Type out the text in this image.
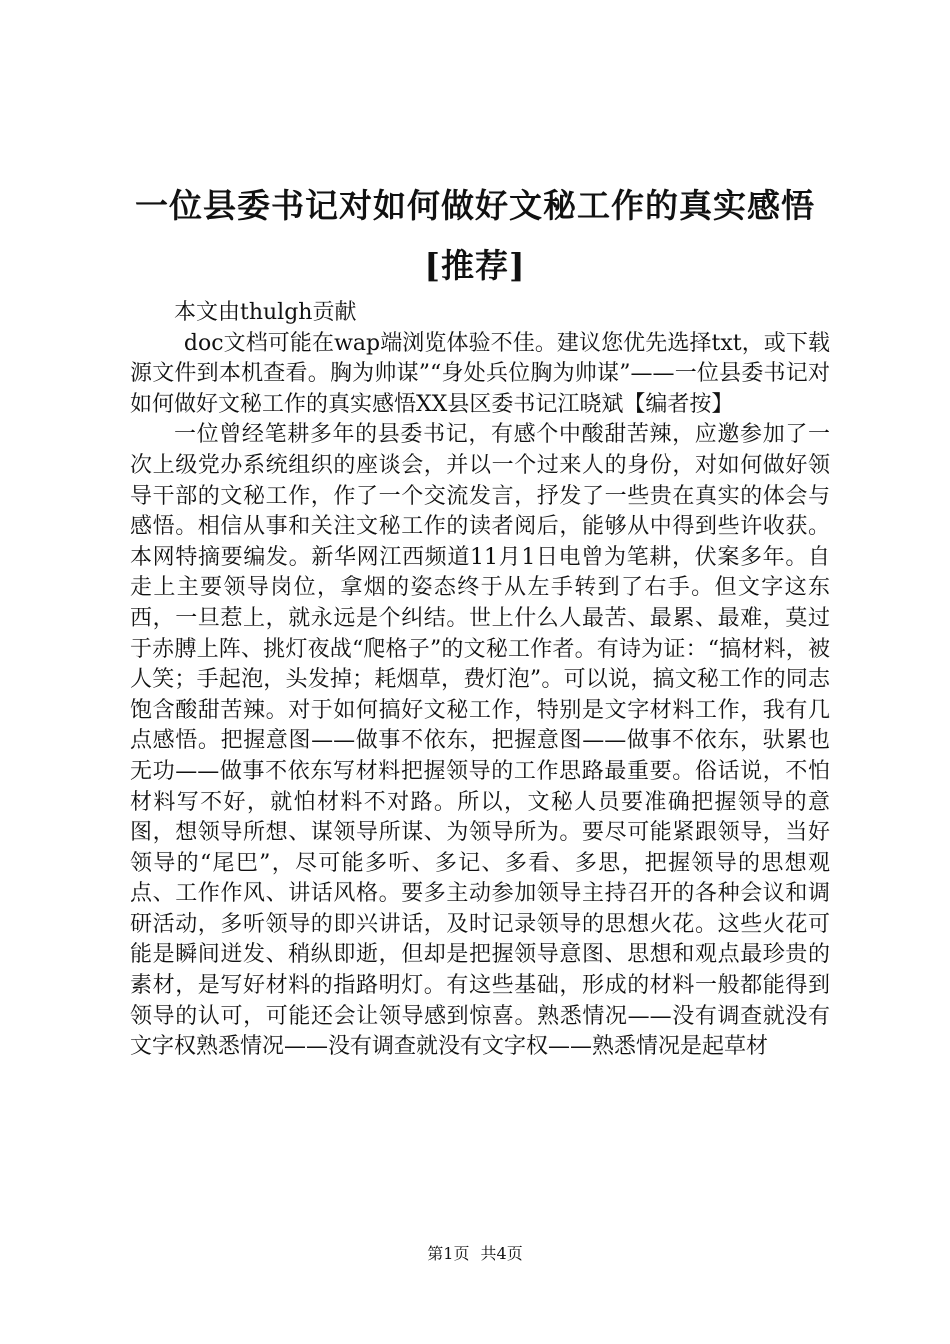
一位县委书记对如何做好文秘工作的真实感悟
[推荐]

本文由thulgh贡献

doc文档可能在wap端浏览体验不佳。建议您优先选择txt，或下载源文件到本机查看。胸为帅谋”“身处兵位胸为帅谋”——一位县委书记对如何做好文秘工作的真实感悟XX县区委书记江晓斌【编者按】

一位曾经笔耕多年的县委书记，有感个中酸甜苦辣，应邀参加了一次上级党办系统组织的座谈会，并以一个过来人的身份，对如何做好领导干部的文秘工作，作了一个交流发言，抒发了一些贵在真实的体会与感悟。相信从事和关注文秘工作的读者阅后，能够从中得到些许收获。本网特摘要编发。新华网江西频道11月1日电曾为笔耕，伏案多年。自走上主要领导岗位，拿烟的姿态终于从左手转到了右手。但文字这东西，一旦惹上，就永远是个纠结。世上什么人最苦、最累、最难，莫过于赤膊上阵、挑灯夜战“爬格子”的文秘工作者。有诗为证：“搞材料，被人笑；手起泡，头发掉；耗烟草，费灯泡”。可以说，搞文秘工作的同志饱含酸甜苦辣。对于如何搞好文秘工作，特别是文字材料工作，我有几点感悟。把握意图——做事不依东，把握意图——做事不依东，驮累也无功——做事不依东写材料把握领导的工作思路最重要。俗话说，不怕材料写不好，就怕材料不对路。所以，文秘人员要准确把握领导的意图，想领导所想、谋领导所谋、为领导所为。要尽可能紧跟领导，当好领导的“尾巴”，尽可能多听、多记、多看、多思，把握领导的思想观点、工作作风、讲话风格。要多主动参加领导主持召开的各种会议和调研活动，多听领导的即兴讲话，及时记录领导的思想火花。这些火花可能是瞬间迸发、稍纵即逝，但却是把握领导意图、思想和观点最珍贵的素材，是写好材料的指路明灯。有这些基础，形成的材料一般都能得到领导的认可，可能还会让领导感到惊喜。熟悉情况——没有调查就没有文字权熟悉情况——没有调查就没有文字权——熟悉情况是起草材

第1页 共4页
